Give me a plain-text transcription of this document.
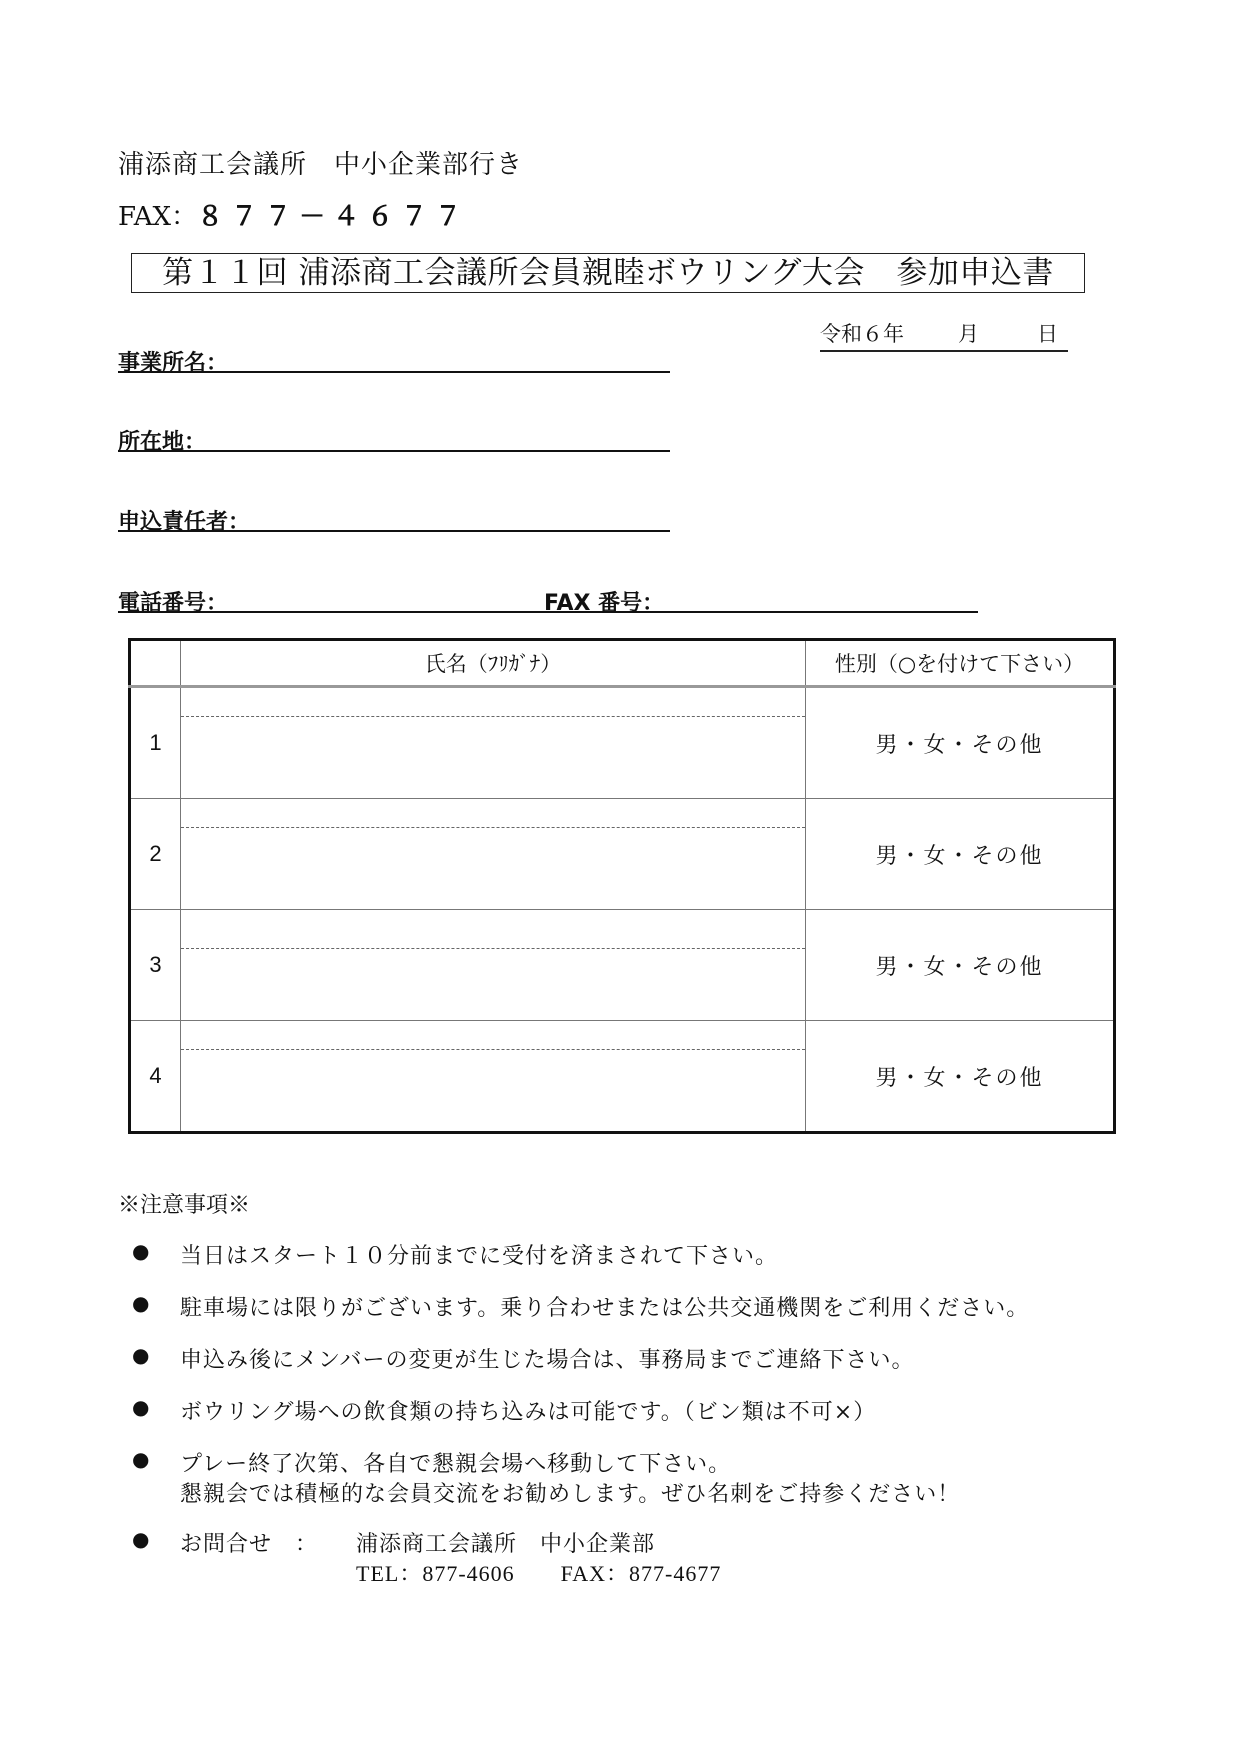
浦添商工会議所　中小企業部行き
FAX：８７７－４６７７
第１１回 浦添商工会議所会員親睦ボウリング大会　参加申込書
令和６年	月	日
事業所名：
所在地：
申込責任者：
電話番号：	FAX 番号：
	氏名（ﾌﾘｶﾞﾅ）	性別（○を付けて下さい）
1		男・女・その他
2		男・女・その他
3		男・女・その他
4		男・女・その他
※注意事項※
● 当日はスタート１０分前までに受付を済まされて下さい。
● 駐車場には限りがございます。乗り合わせまたは公共交通機関をご利用ください。
● 申込み後にメンバーの変更が生じた場合は、事務局までご連絡下さい。
● ボウリング場への飲食類の持ち込みは可能です。（ビン類は不可×）
● プレー終了次第、各自で懇親会場へ移動して下さい。
懇親会では積極的な会員交流をお勧めします。ぜひ名刺をご持参ください！
● お問合せ　： 浦添商工会議所　中小企業部
TEL：877-4606　　FAX：877-4677
